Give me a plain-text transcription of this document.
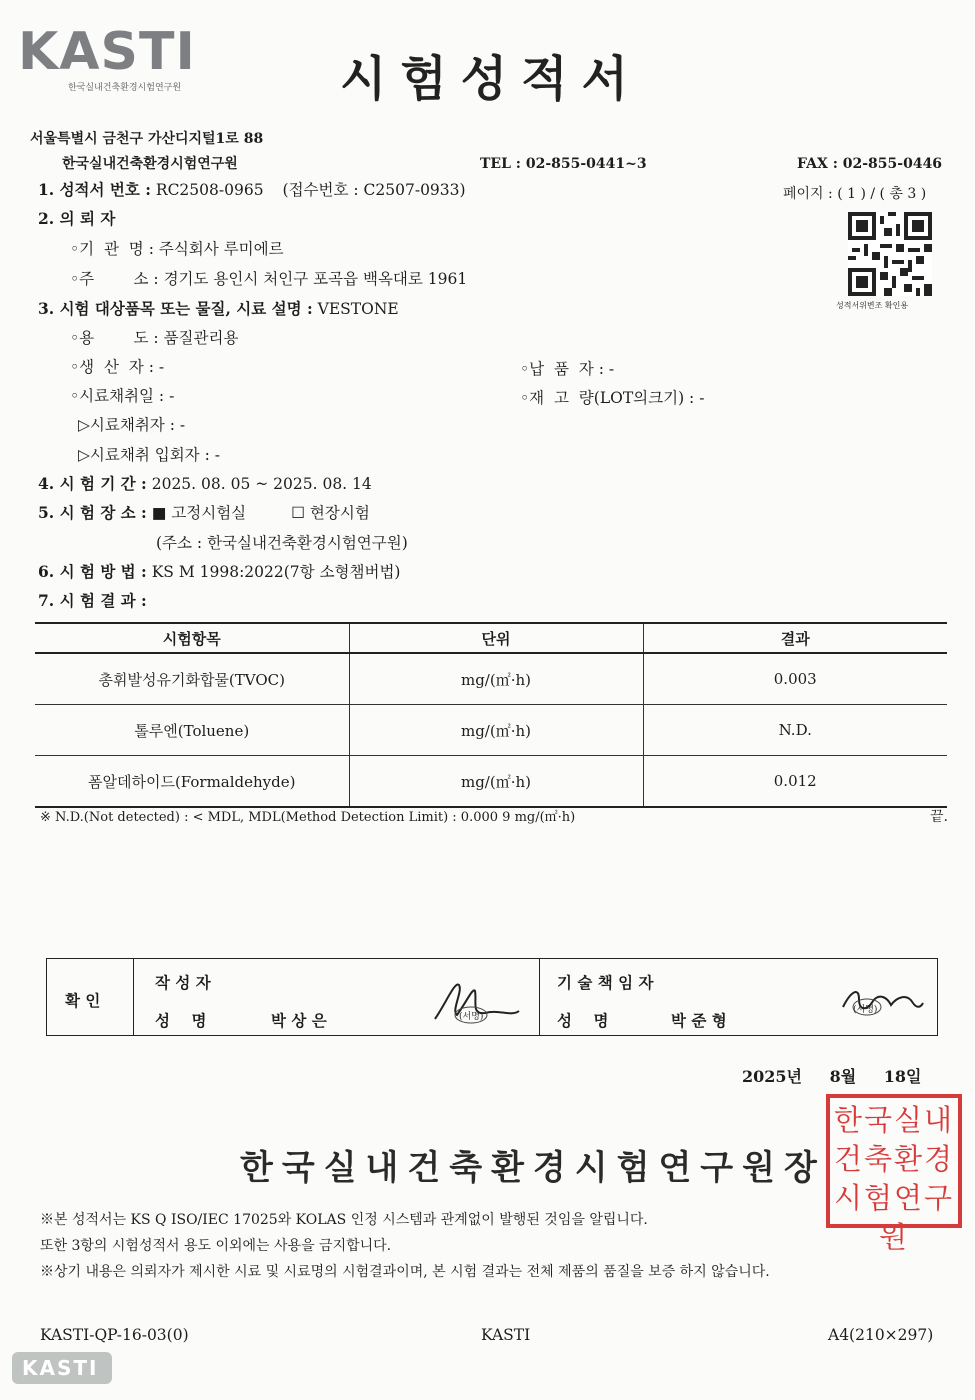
KASTI
한국실내건축환경시험연구원	시험성적서
서울특별시 금천구 가산디지털1로 88
한국실내건축환경시험연구원	TEL : 02-855-0441~3	FAX : 02-855-0446
페이지 : ( 1 ) / ( 총 3 )
성적서위변조 확인용
1. 성적서 번호 : RC2508-0965 (접수번호 : C2507-0933)
2. 의 뢰 자
◦기  관  명 : 주식회사 루미에르
◦주        소 : 경기도 용인시 처인구 포곡읍 백옥대로 1961
3. 시험 대상품목 또는 물질, 시료 설명 : VESTONE
◦용        도 : 품질관리용
◦생  산  자 : -	◦납  품  자 : -
◦시료채취일 : -	◦재  고  량(LOT의크기) : -
▷시료채취자 : -
▷시료채취 입회자 : -
4. 시 험 기 간 : 2025. 08. 05 ~ 2025. 08. 14
5. 시 험 장 소 : ■ 고정시험실	☐ 현장시험
(주소 : 한국실내건축환경시험연구원)
6. 시 험 방 법 : KS M 1998:2022(7항 소형챔버법)
7. 시 험 결 과 :
시험항목	단위	결과
총휘발성유기화합물(TVOC)	mg/(㎡·h)	0.003
톨루엔(Toluene)	mg/(㎡·h)	N.D.
폼알데하이드(Formaldehyde)	mg/(㎡·h)	0.012
※ N.D.(Not detected) : < MDL, MDL(Method Detection Limit) : 0.000 9 mg/(㎡·h)	끝.
확 인
작 성 자
성    명	박 상 은	(서명)
기 술 책 임 자
성    명	박 준 형
(서명)
2025년 8월 18일
한국실내건축환경시험연구원장
한국실내
건축환경
시험연구원
※본 성적서는 KS Q ISO/IEC 17025와 KOLAS 인정 시스템과 관계없이 발행된 것임을 알립니다.
또한 3항의 시험성적서 용도 이외에는 사용을 금지합니다.
※상기 내용은 의뢰자가 제시한 시료 및 시료명의 시험결과이며, 본 시험 결과는 전체 제품의 품질을 보증 하지 않습니다.
KASTI-QP-16-03(0)	KASTI	A4(210×297)
KASTI
